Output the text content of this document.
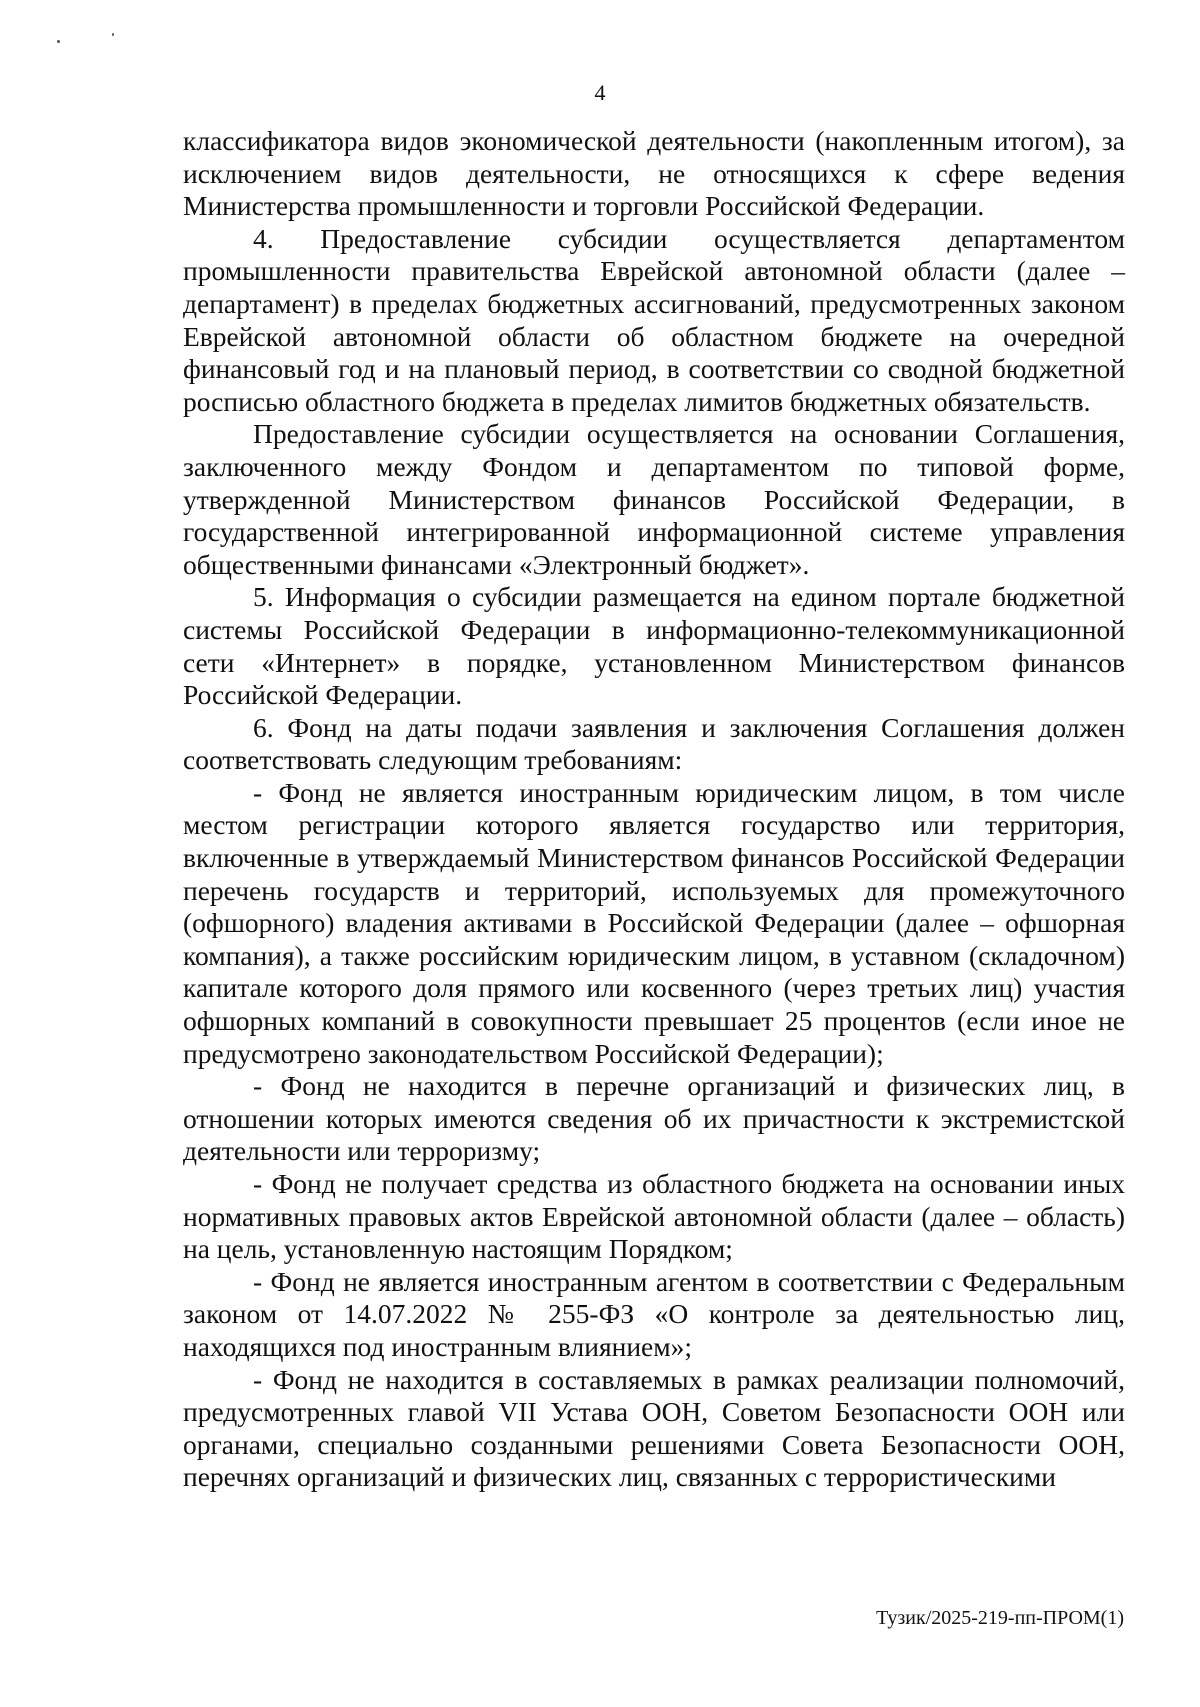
4

классификатора видов экономической деятельности (накопленным итогом), за исключением видов деятельности, не относящихся к сфере ведения Министерства промышленности и торговли Российской Федерации.

4. Предоставление субсидии осуществляется департаментом промышленности правительства Еврейской автономной области (далее – департамент) в пределах бюджетных ассигнований, предусмотренных законом Еврейской автономной области об областном бюджете на очередной финансовый год и на плановый период, в соответствии со сводной бюджетной росписью областного бюджета в пределах лимитов бюджетных обязательств.

Предоставление субсидии осуществляется на основании Соглашения, заключенного между Фондом и департаментом по типовой форме, утвержденной Министерством финансов Российской Федерации, в государственной интегрированной информационной системе управления общественными финансами «Электронный бюджет».

5. Информация о субсидии размещается на едином портале бюджетной системы Российской Федерации в информационно-телекоммуникационной сети «Интернет» в порядке, установленном Министерством финансов Российской Федерации.

6. Фонд на даты подачи заявления и заключения Соглашения должен соответствовать следующим требованиям:

- Фонд не является иностранным юридическим лицом, в том числе местом регистрации которого является государство или территория, включенные в утверждаемый Министерством финансов Российской Федерации перечень государств и территорий, используемых для промежуточного (офшорного) владения активами в Российской Федерации (далее – офшорная компания), а также российским юридическим лицом, в уставном (складочном) капитале которого доля прямого или косвенного (через третьих лиц) участия офшорных компаний в совокупности превышает 25 процентов (если иное не предусмотрено законодательством Российской Федерации);

- Фонд не находится в перечне организаций и физических лиц, в отношении которых имеются сведения об их причастности к экстремистской деятельности или терроризму;

- Фонд не получает средства из областного бюджета на основании иных нормативных правовых актов Еврейской автономной области (далее – область) на цель, установленную настоящим Порядком;

- Фонд не является иностранным агентом в соответствии с Федеральным законом от 14.07.2022 № 255-ФЗ «О контроле за деятельностью лиц, находящихся под иностранным влиянием»;

- Фонд не находится в составляемых в рамках реализации полномочий, предусмотренных главой VII Устава ООН, Советом Безопасности ООН или органами, специально созданными решениями Совета Безопасности ООН, перечнях организаций и физических лиц, связанных с террористическими

Тузик/2025-219-пп-ПРОМ(1)
